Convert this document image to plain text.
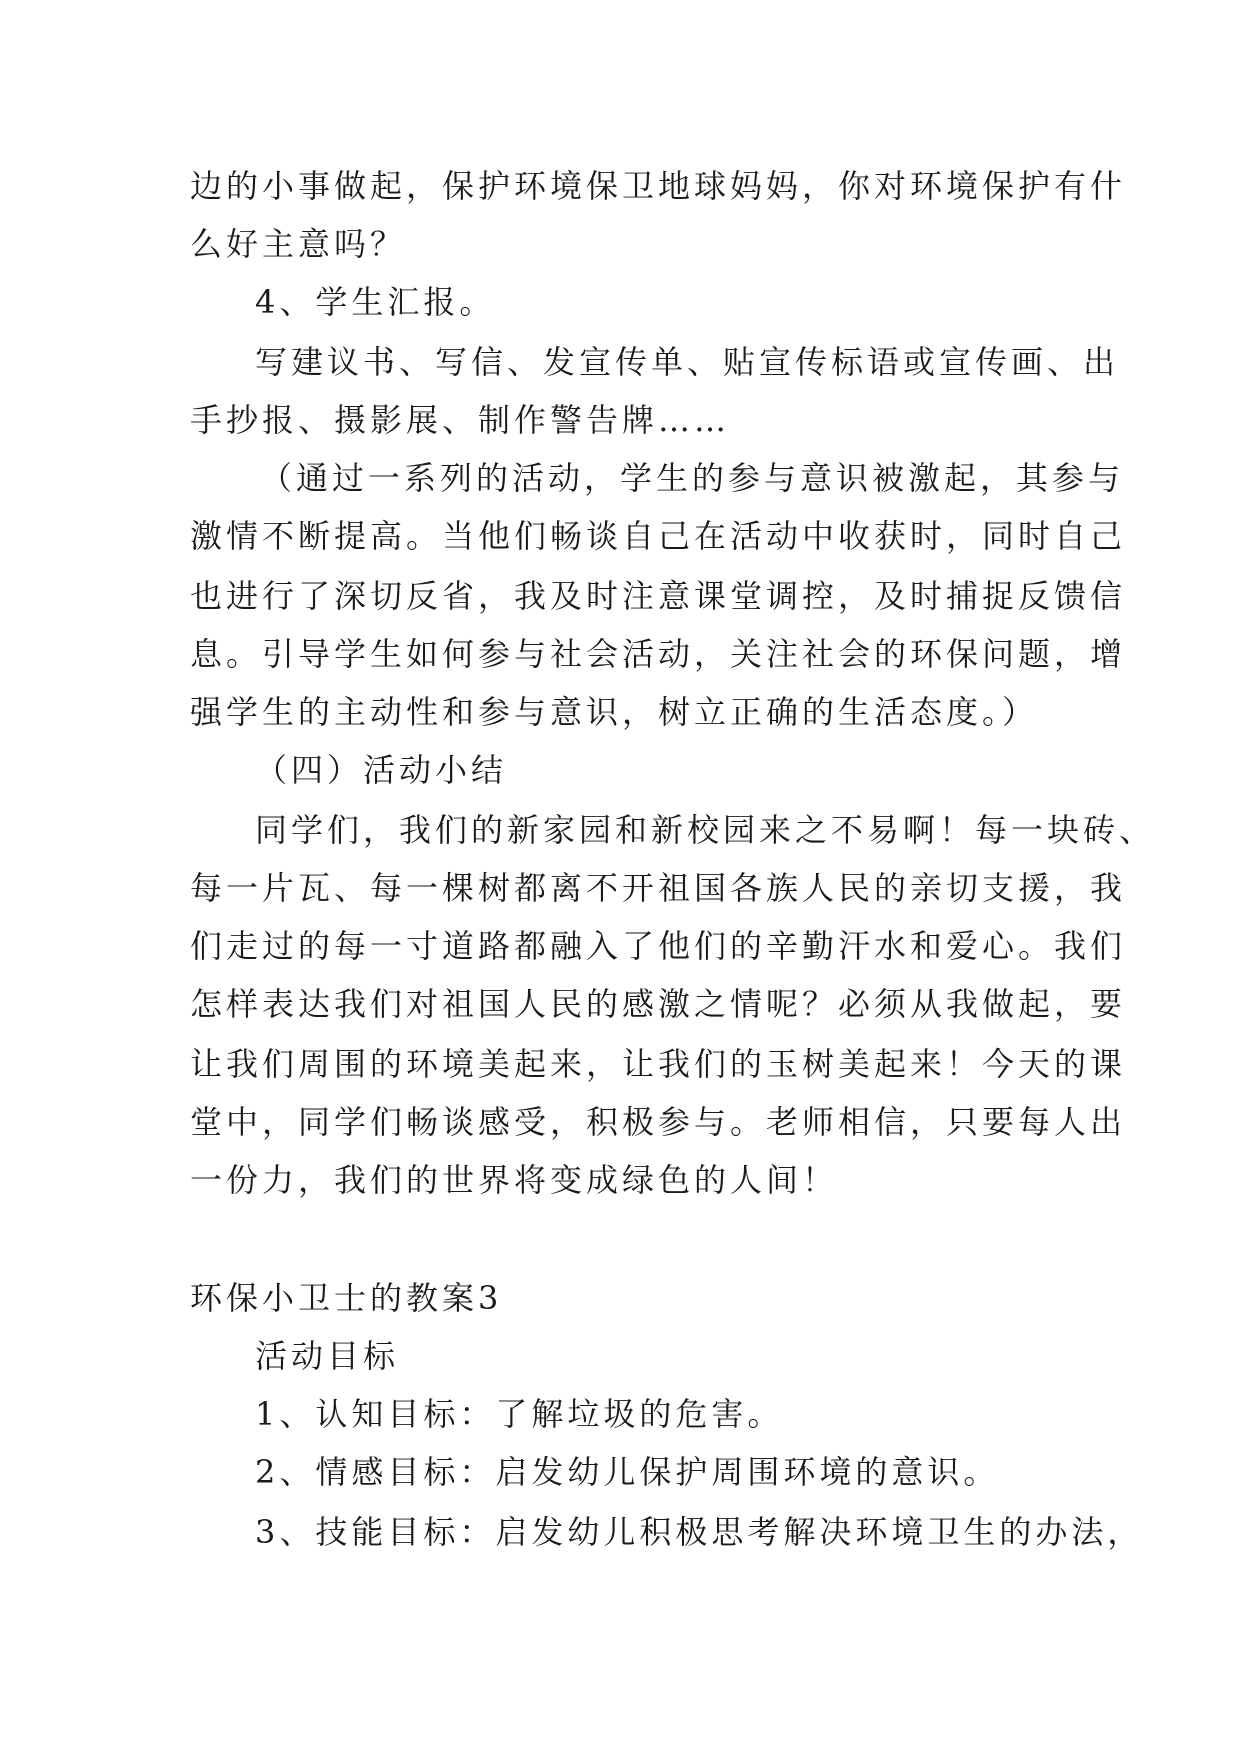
边的小事做起，保护环境保卫地球妈妈，你对环境保护有什
么好主意吗？
4、学生汇报。
写建议书、写信、发宣传单、贴宣传标语或宣传画、出
手抄报、摄影展、制作警告牌……
（通过一系列的活动，学生的参与意识被激起，其参与
激情不断提高。当他们畅谈自己在活动中收获时，同时自己
也进行了深切反省，我及时注意课堂调控，及时捕捉反馈信
息。引导学生如何参与社会活动，关注社会的环保问题，增
强学生的主动性和参与意识，树立正确的生活态度。）
（四）活动小结
同学们，我们的新家园和新校园来之不易啊！每一块砖、
每一片瓦、每一棵树都离不开祖国各族人民的亲切支援，我
们走过的每一寸道路都融入了他们的辛勤汗水和爱心。我们
怎样表达我们对祖国人民的感激之情呢？必须从我做起，要
让我们周围的环境美起来，让我们的玉树美起来！今天的课
堂中，同学们畅谈感受，积极参与。老师相信，只要每人出
一份力，我们的世界将变成绿色的人间！
环保小卫士的教案3
活动目标
1、认知目标：了解垃圾的危害。
2、情感目标：启发幼儿保护周围环境的意识。
3、技能目标：启发幼儿积极思考解决环境卫生的办法，
